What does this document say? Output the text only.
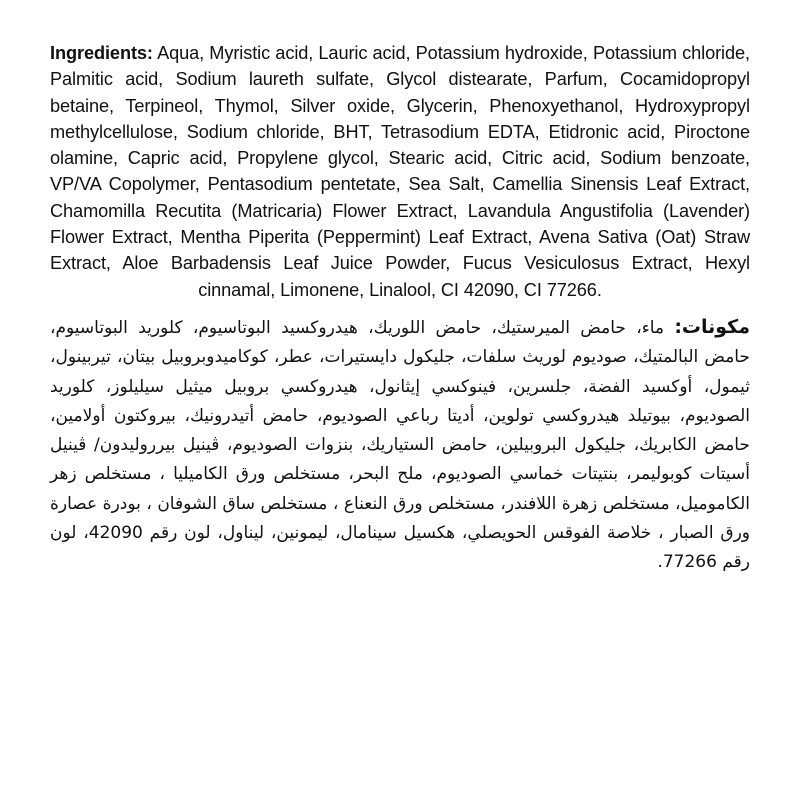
Ingredients: Aqua, Myristic acid, Lauric acid, Potassium hydroxide, Potassium chloride, Palmitic acid, Sodium laureth sulfate, Glycol distearate, Parfum, Cocamidopropyl betaine, Terpineol, Thymol, Silver oxide, Glycerin, Phenoxyethanol, Hydroxypropyl methylcellulose, Sodium chloride, BHT, Tetrasodium EDTA, Etidronic acid, Piroctone olamine, Capric acid, Propylene glycol, Stearic acid, Citric acid, Sodium benzoate, VP/VA Copolymer, Pentasodium pentetate, Sea Salt, Camellia Sinensis Leaf Extract, Chamomilla Recutita (Matricaria) Flower Extract, Lavandula Angustifolia (Lavender) Flower Extract, Mentha Piperita (Peppermint) Leaf Extract, Avena Sativa (Oat) Straw Extract, Aloe Barbadensis Leaf Juice Powder, Fucus Vesiculosus Extract, Hexyl cinnamal, Limonene, Linalool, CI 42090, CI 77266.

مكونات: ماء، حامض الميرستيك، حامض اللوريك، هيدروكسيد البوتاسيوم، كلوريد البوتاسيوم، حامض البالمتيك، صوديوم لوريث سلفات، جليكول دايستيرات، عطر، كوكاميدوبروبيل بيتان، تيربينول، ثيمول، أوكسيد الفضة، جلسرين، فينوكسي إيثانول، هيدروكسي بروبيل ميثيل سيليلوز، كلوريد الصوديوم، بيوتيلد هيدروكسي تولوين، أديتا رباعي الصوديوم، حامض أتيدرونيك، بيروكتون أولامين، حامض الكابريك، جليكول البروبيلين، حامض الستياريك، بنزوات الصوديوم، ڤينيل بيرروليدون/ ڤينيل أسيتات كوبوليمر، بنتيتات خماسي الصوديوم، ملح البحر، مستخلص ورق الكاميليا ، مستخلص زهر الكاموميل، مستخلص زهرة اللافندر، مستخلص ورق النعناع ، مستخلص ساق الشوفان ، بودرة عصارة ورق الصبار ، خلاصة الفوقس الحويصلي، هكسيل سينامال، ليمونين، ليناو‌ل، لون رقم 42090، لون رقم 77266.
